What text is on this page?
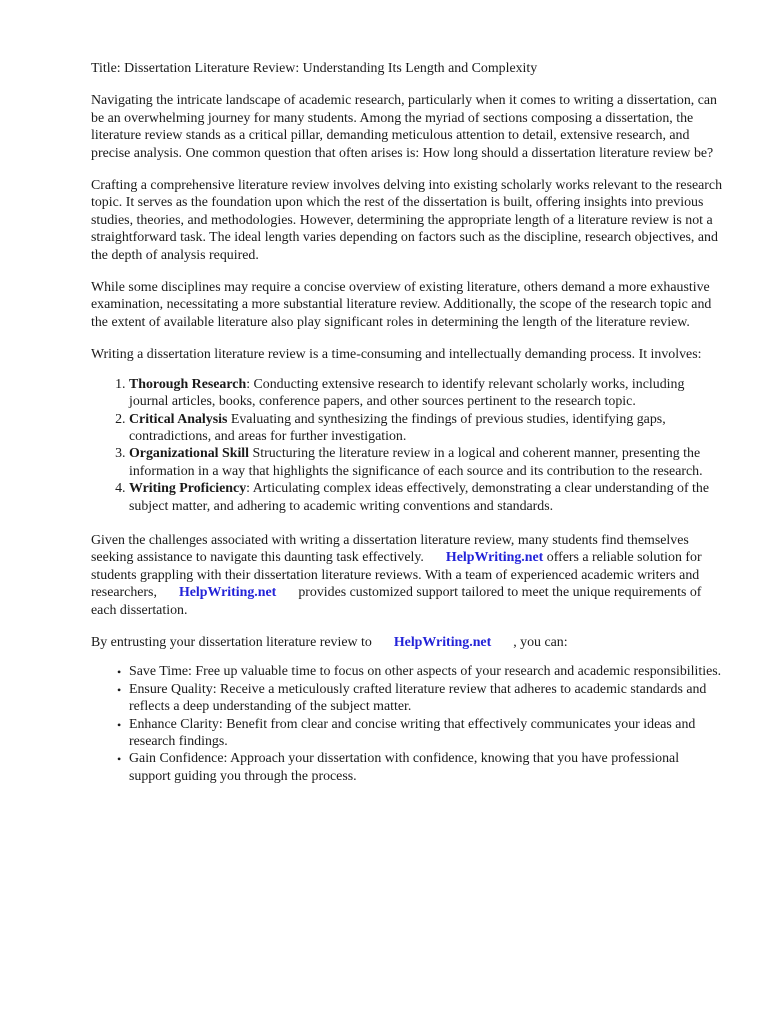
Title: Dissertation Literature Review: Understanding Its Length and Complexity

Navigating the intricate landscape of academic research, particularly when it comes to writing a dissertation, can be an overwhelming journey for many students. Among the myriad of sections composing a dissertation, the literature review stands as a critical pillar, demanding meticulous attention to detail, extensive research, and precise analysis. One common question that often arises is: How long should a dissertation literature review be?

Crafting a comprehensive literature review involves delving into existing scholarly works relevant to the research topic. It serves as the foundation upon which the rest of the dissertation is built, offering insights into previous studies, theories, and methodologies. However, determining the appropriate length of a literature review is not a straightforward task. The ideal length varies depending on factors such as the discipline, research objectives, and the depth of analysis required.

While some disciplines may require a concise overview of existing literature, others demand a more exhaustive examination, necessitating a more substantial literature review. Additionally, the scope of the research topic and the extent of available literature also play significant roles in determining the length of the literature review.

Writing a dissertation literature review is a time-consuming and intellectually demanding process. It involves:

1. Thorough Research: Conducting extensive research to identify relevant scholarly works, including journal articles, books, conference papers, and other sources pertinent to the research topic.
2. Critical Analysis Evaluating and synthesizing the findings of previous studies, identifying gaps, contradictions, and areas for further investigation.
3. Organizational Skill Structuring the literature review in a logical and coherent manner, presenting the information in a way that highlights the significance of each source and its contribution to the research.
4. Writing Proficiency: Articulating complex ideas effectively, demonstrating a clear understanding of the subject matter, and adhering to academic writing conventions and standards.

Given the challenges associated with writing a dissertation literature review, many students find themselves seeking assistance to navigate this daunting task effectively. HelpWriting.net offers a reliable solution for students grappling with their dissertation literature reviews. With a team of experienced academic writers and researchers, HelpWriting.net provides customized support tailored to meet the unique requirements of each dissertation.

By entrusting your dissertation literature review to HelpWriting.net , you can:

• Save Time: Free up valuable time to focus on other aspects of your research and academic responsibilities.
• Ensure Quality: Receive a meticulously crafted literature review that adheres to academic standards and reflects a deep understanding of the subject matter.
• Enhance Clarity: Benefit from clear and concise writing that effectively communicates your ideas and research findings.
• Gain Confidence: Approach your dissertation with confidence, knowing that you have professional support guiding you through the process.
